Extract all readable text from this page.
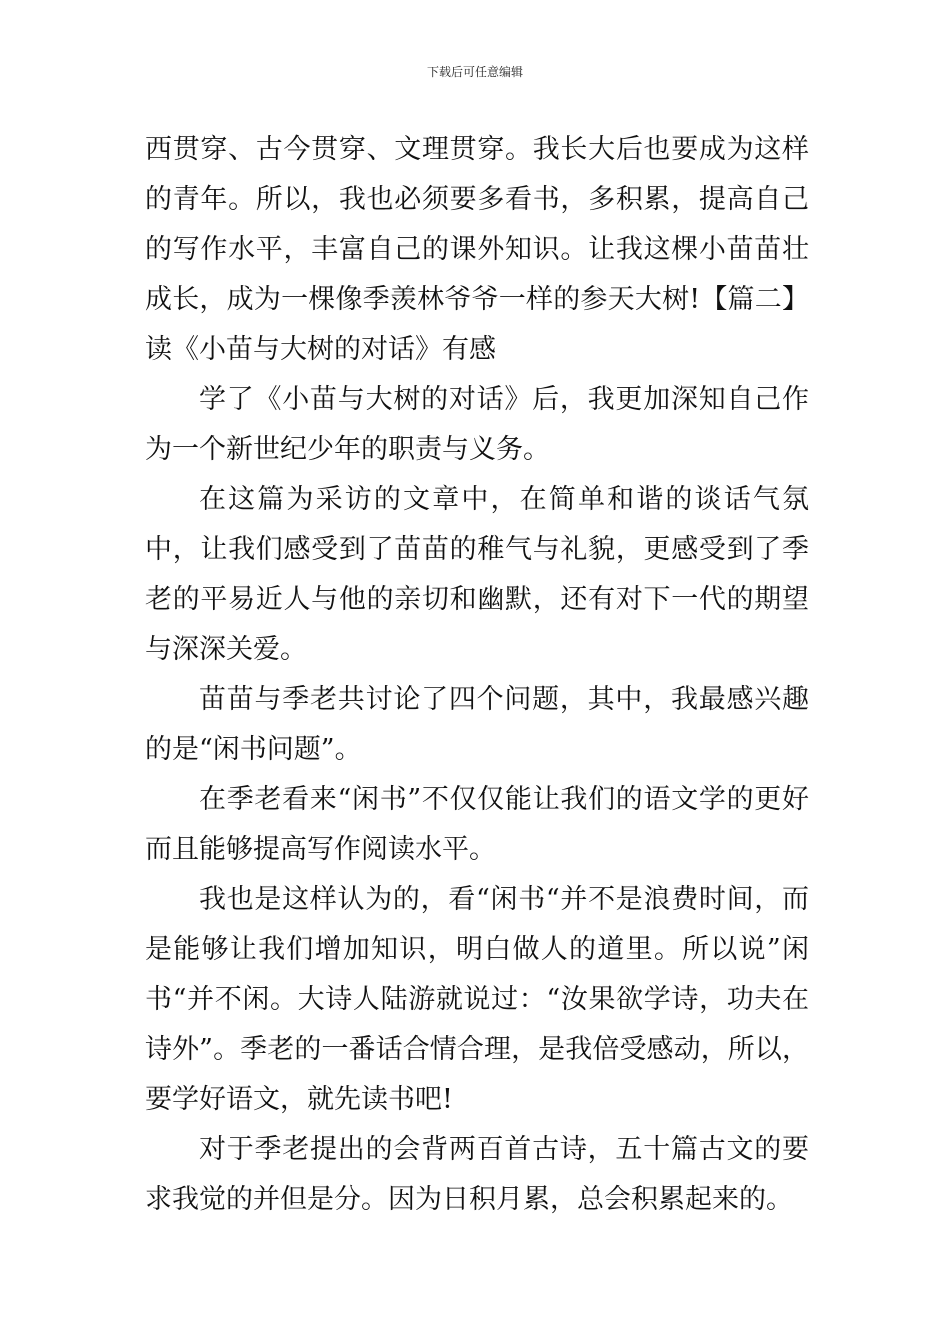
下载后可任意编辑

西贯穿、古今贯穿、文理贯穿。我长大后也要成为这样的青年。所以，我也必须要多看书，多积累，提高自己的写作水平，丰富自己的课外知识。让我这棵小苗苗壮成长，成为一棵像季羡林爷爷一样的参天大树!【篇二】读《小苗与大树的对话》有感

学了《小苗与大树的对话》后，我更加深知自己作为一个新世纪少年的职责与义务。

在这篇为采访的文章中，在简单和谐的谈话气氛中，让我们感受到了苗苗的稚气与礼貌，更感受到了季老的平易近人与他的亲切和幽默，还有对下一代的期望与深深关爱。

苗苗与季老共讨论了四个问题，其中，我最感兴趣的是“闲书问题”。

在季老看来“闲书”不仅仅能让我们的语文学的更好而且能够提高写作阅读水平。

我也是这样认为的，看“闲书“并不是浪费时间，而是能够让我们增加知识，明白做人的道里。所以说”闲书“并不闲。大诗人陆游就说过：“汝果欲学诗，功夫在诗外”。季老的一番话合情合理，是我倍受感动，所以，要学好语文，就先读书吧!

对于季老提出的会背两百首古诗，五十篇古文的要求我觉的并但是分。因为日积月累，总会积累起来的。
